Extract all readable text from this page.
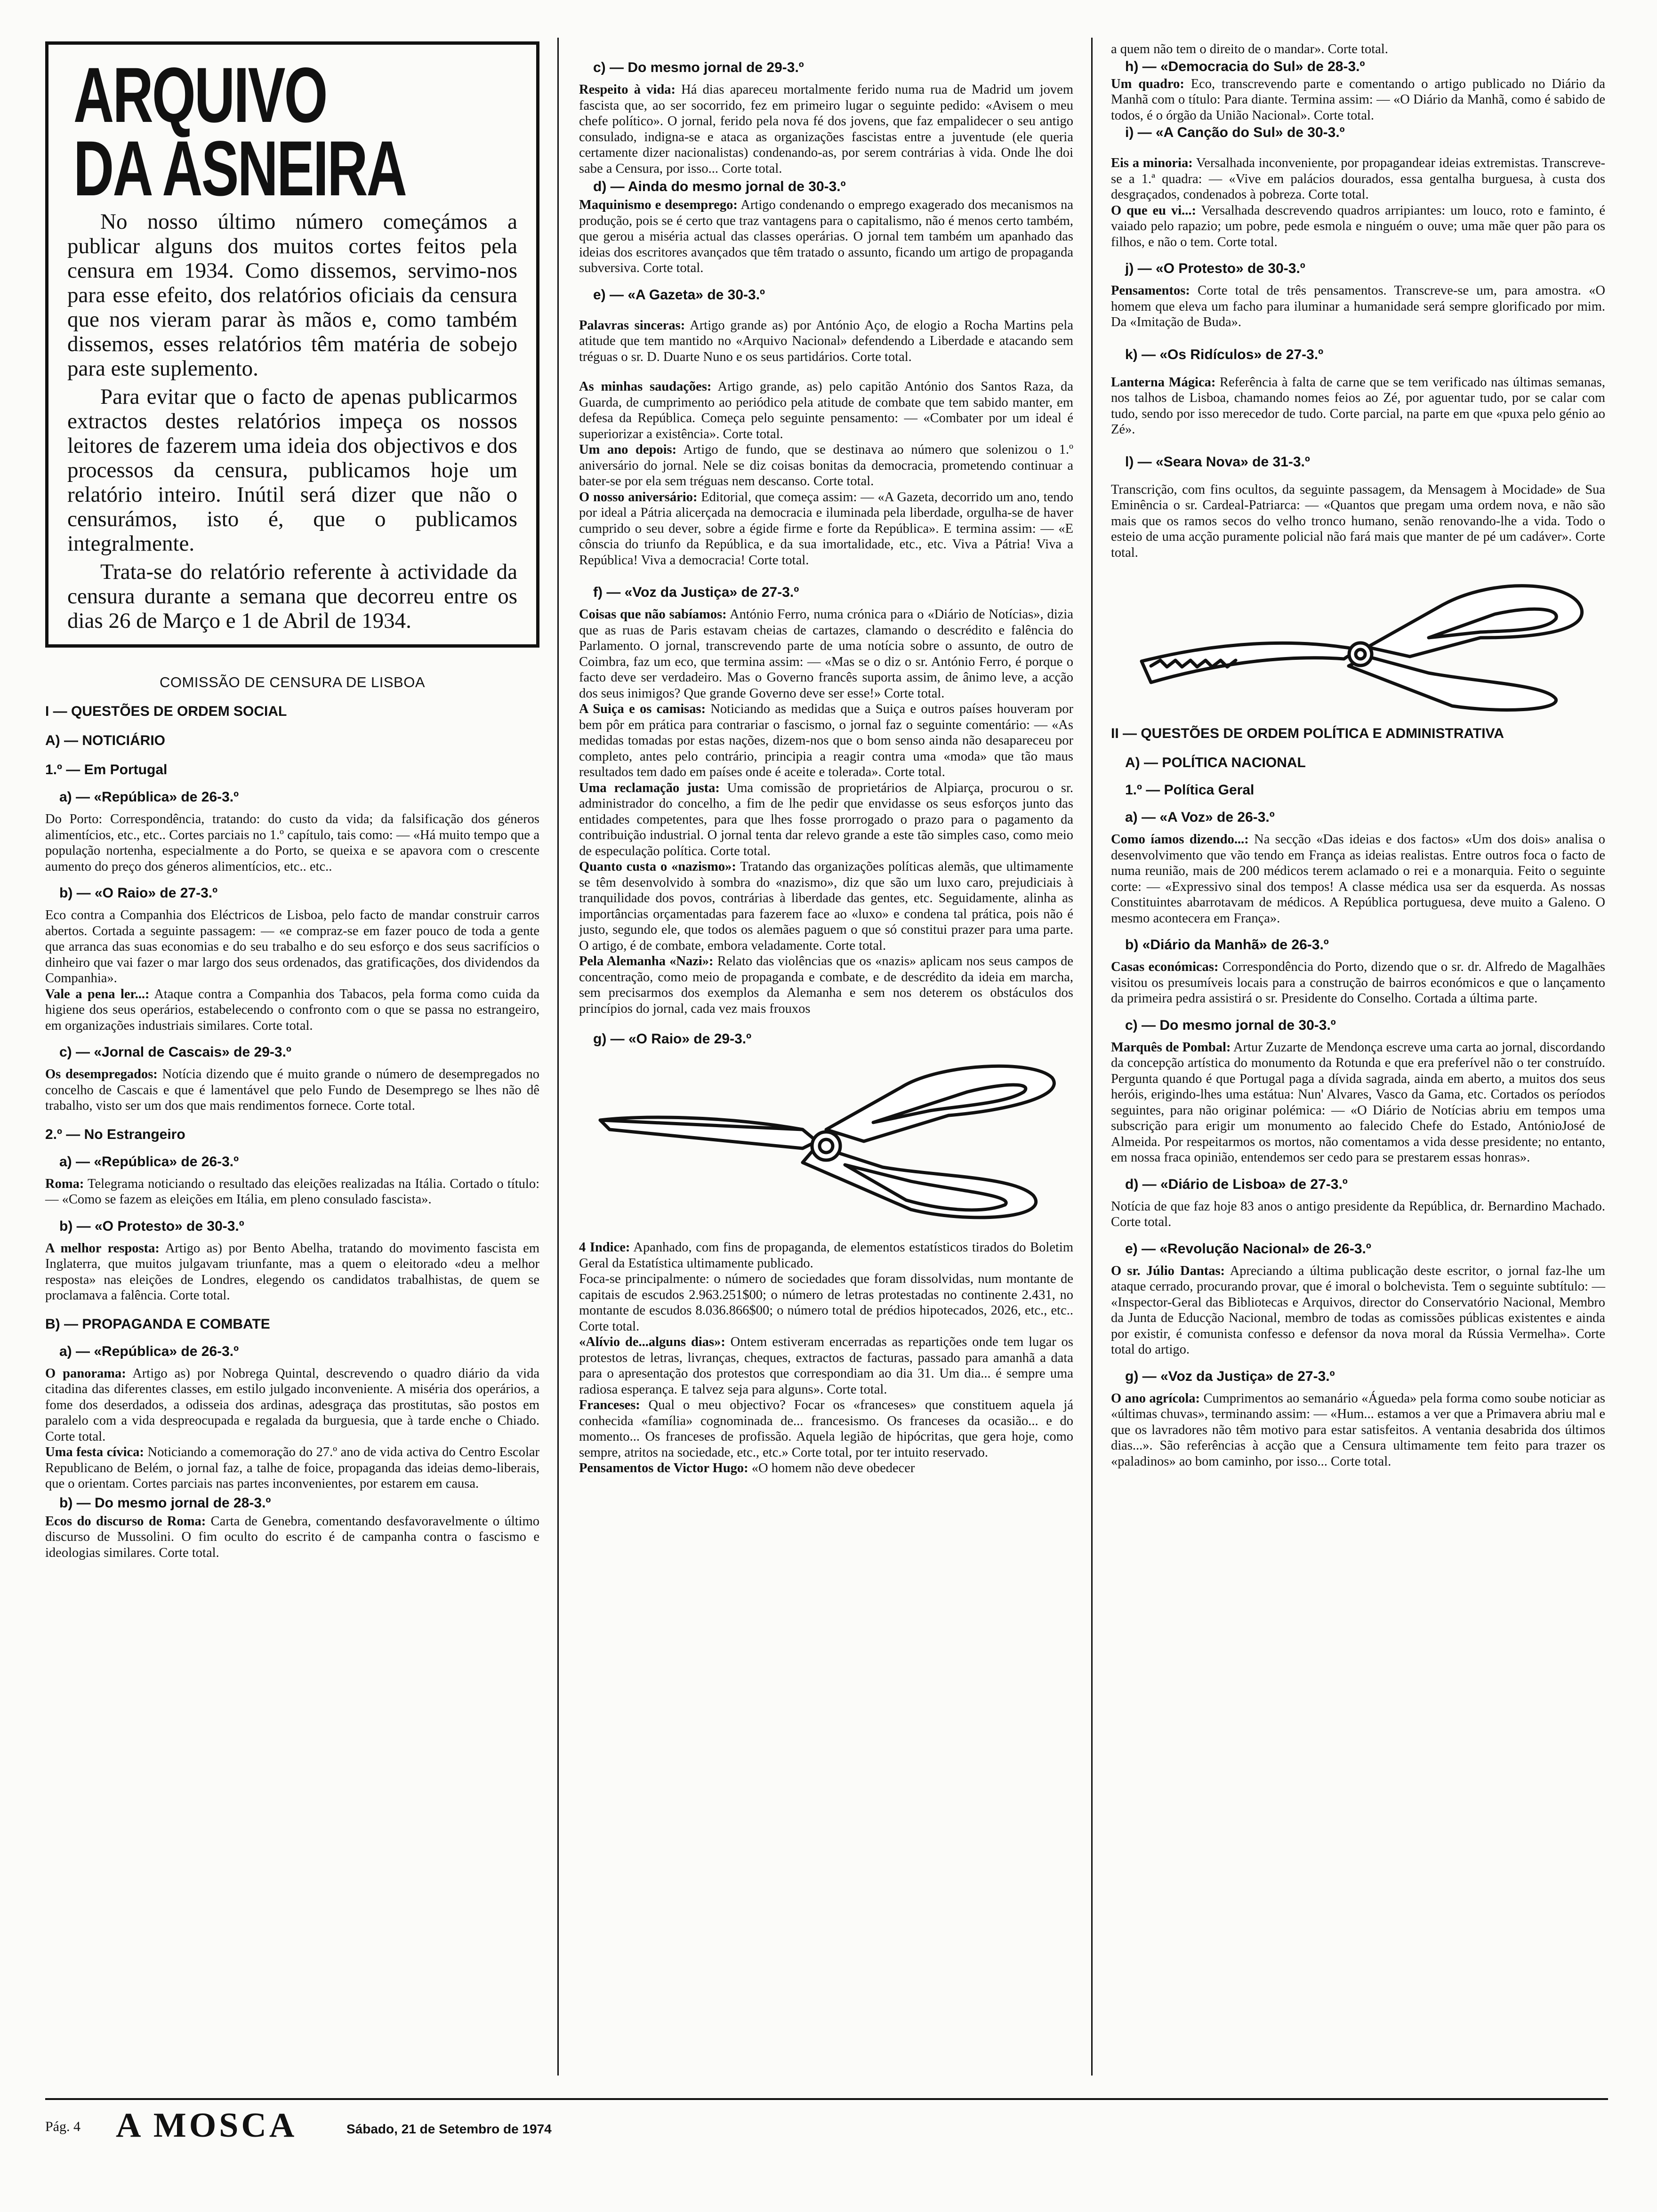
ARQUIVO
DA ASNEIRA

No nosso último número começámos a publicar alguns dos muitos cortes feitos pela censura em 1934. Como dissemos, servimo-nos para esse efeito, dos relatórios oficiais da censura que nos vieram parar às mãos e, como também dissemos, esses relatórios têm matéria de sobejo para este suplemento.

Para evitar que o facto de apenas publicarmos extractos destes relatórios impeça os nossos leitores de fazerem uma ideia dos objectivos e dos processos da censura, publicamos hoje um relatório inteiro. Inútil será dizer que não o censurámos, isto é, que o publicamos integralmente.

Trata-se do relatório referente à actividade da censura durante a semana que decorreu entre os dias 26 de Março e 1 de Abril de 1934.

COMISSÃO DE CENSURA DE LISBOA
I — QUESTÕES DE ORDEM SOCIAL
A) — NOTICIÁRIO
1.º — Em Portugal
a) — «República» de 26-3.º

Do Porto: Correspondência, tratando: do custo da vida; da falsificação dos géneros alimentícios, etc., etc.. Cortes parciais no 1.º capítulo, tais como: — «Há muito tempo que a população nortenha, especialmente a do Porto, se queixa e se apavora com o crescente aumento do preço dos géneros alimentícios, etc.. etc..

b) — «O Raio» de 27-3.º

Eco contra a Companhia dos Eléctricos de Lisboa, pelo facto de mandar construir carros abertos. Cortada a seguinte passagem: — «e compraz-se em fazer pouco de toda a gente que arranca das suas economias e do seu trabalho e do seu esforço e dos seus sacrifícios o dinheiro que vai fazer o mar largo dos seus ordenados, das gratificações, dos dividendos da Companhia».

Vale a pena ler...: Ataque contra a Companhia dos Tabacos, pela forma como cuida da higiene dos seus operários, estabelecendo o confronto com o que se passa no estrangeiro, em organizações industriais similares. Corte total.

c) — «Jornal de Cascais» de 29-3.º

Os desempregados: Notícia dizendo que é muito grande o número de desempregados no concelho de Cascais e que é lamentável que pelo Fundo de Desemprego se lhes não dê trabalho, visto ser um dos que mais rendimentos fornece. Corte total.

2.º — No Estrangeiro
a) — «República» de 26-3.º

Roma: Telegrama noticiando o resultado das eleições realizadas na Itália. Cortado o título: — «Como se fazem as eleições em Itália, em pleno consulado fascista».

b) — «O Protesto» de 30-3.º

A melhor resposta: Artigo as) por Bento Abelha, tratando do movimento fascista em Inglaterra, que muitos julgavam triunfante, mas a quem o eleitorado «deu a melhor resposta» nas eleições de Londres, elegendo os candidatos trabalhistas, de quem se proclamava a falência. Corte total.

B) — PROPAGANDA E COMBATE
a) — «República» de 26-3.º

O panorama: Artigo as) por Nobrega Quintal, descrevendo o quadro diário da vida citadina das diferentes classes, em estilo julgado inconveniente. A miséria dos operários, a fome dos deserdados, a odisseia dos ardinas, adesgraça das prostitutas, são postos em paralelo com a vida despreocupada e regalada da burguesia, que à tarde enche o Chiado. Corte total.

Uma festa cívica: Noticiando a comemoração do 27.º ano de vida activa do Centro Escolar Republicano de Belém, o jornal faz, a talhe de foice, propaganda das ideias demo-liberais, que o orientam. Cortes parciais nas partes inconvenientes, por estarem em causa.

b) — Do mesmo jornal de 28-3.º

Ecos do discurso de Roma: Carta de Genebra, comentando desfavoravelmente o último discurso de Mussolini. O fim oculto do escrito é de campanha contra o fascismo e ideologias similares. Corte total.

c) — Do mesmo jornal de 29-3.º

Respeito à vida: Há dias apareceu mortalmente ferido numa rua de Madrid um jovem fascista que, ao ser socorrido, fez em primeiro lugar o seguinte pedido: «Avisem o meu chefe político». O jornal, ferido pela nova fé dos jovens, que faz empalidecer o seu antigo consulado, indigna-se e ataca as organizações fascistas entre a juventude (ele queria certamente dizer nacionalistas) condenando-as, por serem contrárias à vida. Onde lhe doi sabe a Censura, por isso... Corte total.

d) — Ainda do mesmo jornal de 30-3.º

Maquinismo e desemprego: Artigo condenando o emprego exagerado dos mecanismos na produção, pois se é certo que traz vantagens para o capitalismo, não é menos certo também, que gerou a miséria actual das classes operárias. O jornal tem também um apanhado das ideias dos escritores avançados que têm tratado o assunto, ficando um artigo de propaganda subversiva. Corte total.

e) — «A Gazeta» de 30-3.º

Palavras sinceras: Artigo grande as) por António Aço, de elogio a Rocha Martins pela atitude que tem mantido no «Arquivo Nacional» defendendo a Liberdade e atacando sem tréguas o sr. D. Duarte Nuno e os seus partidários. Corte total.

As minhas saudações: Artigo grande, as) pelo capitão António dos Santos Raza, da Guarda, de cumprimento ao periódico pela atitude de combate que tem sabido manter, em defesa da República. Começa pelo seguinte pensamento: — «Combater por um ideal é superiorizar a existência». Corte total.

Um ano depois: Artigo de fundo, que se destinava ao número que solenizou o 1.º aniversário do jornal. Nele se diz coisas bonitas da democracia, prometendo continuar a bater-se por ela sem tréguas nem descanso. Corte total.

O nosso aniversário: Editorial, que começa assim: — «A Gazeta, decorrido um ano, tendo por ideal a Pátria alicerçada na democracia e iluminada pela liberdade, orgulha-se de haver cumprido o seu dever, sobre a égide firme e forte da República». E termina assim: — «E cônscia do triunfo da República, e da sua imortalidade, etc., etc. Viva a Pátria! Viva a República! Viva a democracia! Corte total.

f) — «Voz da Justiça» de 27-3.º

Coisas que não sabíamos: António Ferro, numa crónica para o «Diário de Notícias», dizia que as ruas de Paris estavam cheias de cartazes, clamando o descrédito e falência do Parlamento. O jornal, transcrevendo parte de uma notícia sobre o assunto, de outro de Coimbra, faz um eco, que termina assim: — «Mas se o diz o sr. António Ferro, é porque o facto deve ser verdadeiro. Mas o Governo francês suporta assim, de ânimo leve, a acção dos seus inimigos? Que grande Governo deve ser esse!» Corte total.

A Suiça e os camisas: Noticiando as medidas que a Suiça e outros países houveram por bem pôr em prática para contrariar o fascismo, o jornal faz o seguinte comentário: — «As medidas tomadas por estas nações, dizem-nos que o bom senso ainda não desapareceu por completo, antes pelo contrário, principia a reagir contra uma «moda» que tão maus resultados tem dado em países onde é aceite e tolerada». Corte total.

Uma reclamação justa: Uma comissão de proprietários de Alpiarça, procurou o sr. administrador do concelho, a fim de lhe pedir que envidasse os seus esforços junto das entidades competentes, para que lhes fosse prorrogado o prazo para o pagamento da contribuição industrial. O jornal tenta dar relevo grande a este tão simples caso, como meio de especulação política. Corte total.

Quanto custa o «nazismo»: Tratando das organizações políticas alemãs, que ultimamente se têm desenvolvido à sombra do «nazismo», diz que são um luxo caro, prejudiciais à tranquilidade dos povos, contrárias à liberdade das gentes, etc. Seguidamente, alinha as importâncias orçamentadas para fazerem face ao «luxo» e condena tal prática, pois não é justo, segundo ele, que todos os alemães paguem o que só constitui prazer para uma parte. O artigo, é de combate, embora veladamente. Corte total.

Pela Alemanha «Nazi»: Relato das violências que os «nazis» aplicam nos seus campos de concentração, como meio de propaganda e combate, e de descrédito da ideia em marcha, sem precisarmos dos exemplos da Alemanha e sem nos deterem os obstáculos dos princípios do jornal, cada vez mais frouxos

g) — «O Raio» de 29-3.º

4 Indice: Apanhado, com fins de propaganda, de elementos estatísticos tirados do Boletim Geral da Estatística ultimamente publicado.

Foca-se principalmente: o número de sociedades que foram dissolvidas, num montante de capitais de escudos 2.963.251$00; o número de letras protestadas no continente 2.431, no montante de escudos 8.036.866$00; o número total de prédios hipotecados, 2026, etc., etc.. Corte total.

«Alívio de...alguns dias»: Ontem estiveram encerradas as repartições onde tem lugar os protestos de letras, livranças, cheques, extractos de facturas, passado para amanhã a data para o apresentação dos protestos que correspondiam ao dia 31. Um dia... é sempre uma radiosa esperança. E talvez seja para alguns». Corte total.

Franceses: Qual o meu objectivo? Focar os «franceses» que constituem aquela já conhecida «família» cognominada de... francesismo. Os franceses da ocasião... e do momento... Os franceses de profissão. Aquela legião de hipócritas, que gera hoje, como sempre, atritos na sociedade, etc., etc.» Corte total, por ter intuito reservado.

Pensamentos de Victor Hugo: «O homem não deve obedecer

a quem não tem o direito de o mandar». Corte total.

h) — «Democracia do Sul» de 28-3.º

Um quadro: Eco, transcrevendo parte e comentando o artigo publicado no Diário da Manhã com o título: Para diante. Termina assim: — «O Diário da Manhã, como é sabido de todos, é o órgão da União Nacional». Corte total.

i) — «A Canção do Sul» de 30-3.º

Eis a minoria: Versalhada inconveniente, por propagandear ideias extremistas. Transcreve-se a 1.ª quadra: — «Vive em palácios dourados, essa gentalha burguesa, à custa dos desgraçados, condenados à pobreza. Corte total.

O que eu vi...: Versalhada descrevendo quadros arripiantes: um louco, roto e faminto, é vaiado pelo rapazio; um pobre, pede esmola e ninguém o ouve; uma mãe quer pão para os filhos, e não o tem. Corte total.

j) — «O Protesto» de 30-3.º

Pensamentos: Corte total de três pensamentos. Transcreve-se um, para amostra. «O homem que eleva um facho para iluminar a humanidade será sempre glorificado por mim. Da «Imitação de Buda».

k) — «Os Ridículos» de 27-3.º

Lanterna Mágica: Referência à falta de carne que se tem verificado nas últimas semanas, nos talhos de Lisboa, chamando nomes feios ao Zé, por aguentar tudo, por se calar com tudo, sendo por isso merecedor de tudo. Corte parcial, na parte em que «puxa pelo génio ao Zé».

l) — «Seara Nova» de 31-3.º

Transcrição, com fins ocultos, da seguinte passagem, da Mensagem à Mocidade» de Sua Eminência o sr. Cardeal-Patriarca: — «Quantos que pregam uma ordem nova, e não são mais que os ramos secos do velho tronco humano, senão renovando-lhe a vida. Todo o esteio de uma acção puramente policial não fará mais que manter de pé um cadáver». Corte total.

II — QUESTÕES DE ORDEM POLÍTICA E ADMINISTRATIVA
A) — POLÍTICA NACIONAL
1.º — Política Geral
a) — «A Voz» de 26-3.º

Como íamos dizendo...: Na secção «Das ideias e dos factos» «Um dos dois» analisa o desenvolvimento que vão tendo em França as ideias realistas. Entre outros foca o facto de numa reunião, mais de 200 médicos terem aclamado o rei e a monarquia. Feito o seguinte corte: — «Expressivo sinal dos tempos! A classe médica usa ser da esquerda. As nossas Constituintes abarrotavam de médicos. A República portuguesa, deve muito a Galeno. O mesmo acontecera em França».

b) «Diário da Manhã» de 26-3.º

Casas económicas: Correspondência do Porto, dizendo que o sr. dr. Alfredo de Magalhães visitou os presumíveis locais para a construção de bairros económicos e que o lançamento da primeira pedra assistirá o sr. Presidente do Conselho. Cortada a última parte.

c) — Do mesmo jornal de 30-3.º

Marquês de Pombal: Artur Zuzarte de Mendonça escreve uma carta ao jornal, discordando da concepção artística do monumento da Rotunda e que era preferível não o ter construído. Pergunta quando é que Portugal paga a dívida sagrada, ainda em aberto, a muitos dos seus heróis, erigindo-lhes uma estátua: Nun' Alvares, Vasco da Gama, etc. Cortados os períodos seguintes, para não originar polémica: — «O Diário de Notícias abriu em tempos uma subscrição para erigir um monumento ao falecido Chefe do Estado, AntónioJosé de Almeida. Por respeitarmos os mortos, não comentamos a vida desse presidente; no entanto, em nossa fraca opinião, entendemos ser cedo para se prestarem essas honras».

d) — «Diário de Lisboa» de 27-3.º

Notícia de que faz hoje 83 anos o antigo presidente da República, dr. Bernardino Machado. Corte total.

e) — «Revolução Nacional» de 26-3.º

O sr. Júlio Dantas: Apreciando a última publicação deste escritor, o jornal faz-lhe um ataque cerrado, procurando provar, que é imoral o bolchevista. Tem o seguinte subtítulo: — «Inspector-Geral das Bibliotecas e Arquivos, director do Conservatório Nacional, Membro da Junta de Educção Nacional, membro de todas as comissões públicas existentes e ainda por existir, é comunista confesso e defensor da nova moral da Rússia Vermelha». Corte total do artigo.

g) — «Voz da Justiça» de 27-3.º

O ano agrícola: Cumprimentos ao semanário «Águeda» pela forma como soube noticiar as «últimas chuvas», terminando assim: — «Hum... estamos a ver que a Primavera abriu mal e que os lavradores não têm motivo para estar satisfeitos. A ventania desabrida dos últimos dias...». São referências à acção que a Censura ultimamente tem feito para trazer os «paladinos» ao bom caminho, por isso... Corte total.

Pág. 4 A MOSCA	Sábado, 21 de Setembro de 1974
